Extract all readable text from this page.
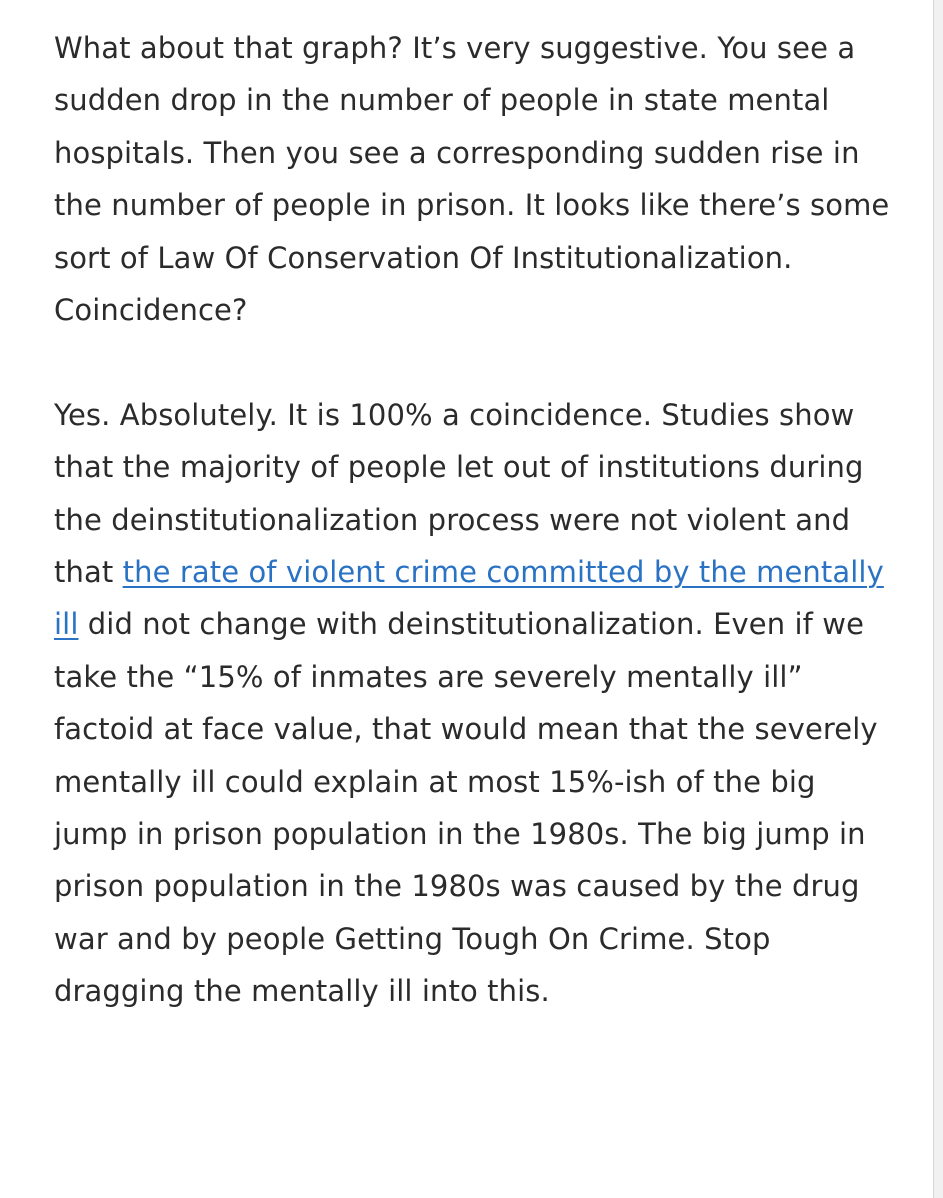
What about that graph? It’s very suggestive. You see a sudden drop in the number of people in state mental hospitals. Then you see a corresponding sudden rise in the number of people in prison. It looks like there’s some sort of Law Of Conservation Of Institutionalization. Coincidence?

Yes. Absolutely. It is 100% a coincidence. Studies show that the majority of people let out of institutions during the deinstitutionalization process were not violent and that the rate of violent crime committed by the mentally ill did not change with deinstitutionalization. Even if we take the “15% of inmates are severely mentally ill” factoid at face value, that would mean that the severely mentally ill could explain at most 15%-ish of the big jump in prison population in the 1980s. The big jump in prison population in the 1980s was caused by the drug war and by people Getting Tough On Crime. Stop dragging the mentally ill into this.
